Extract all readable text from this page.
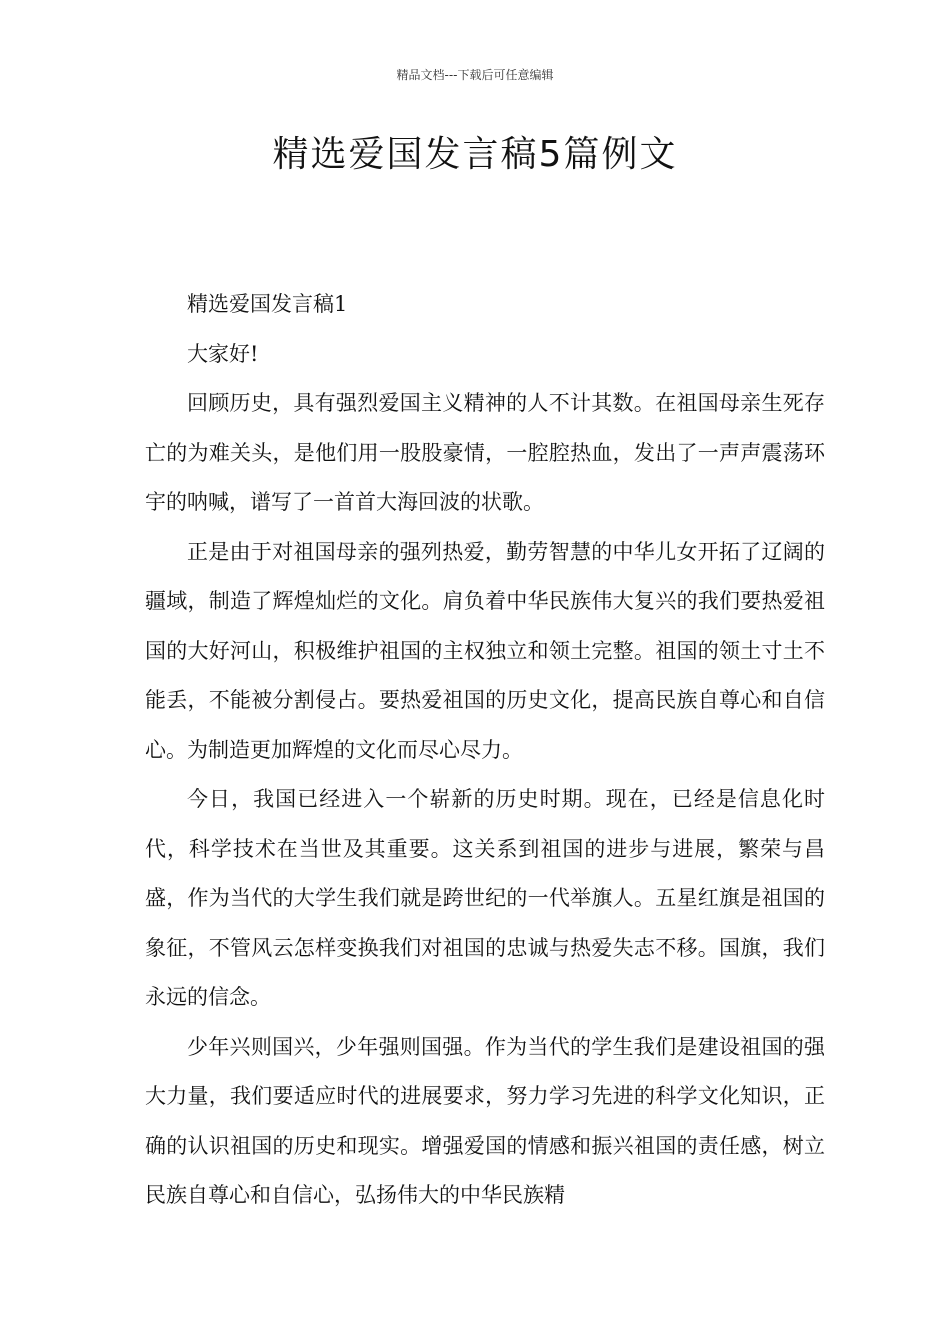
精品文档---下载后可任意编辑
精选爱国发言稿5篇例文

精选爱国发言稿1

大家好!

回顾历史，具有强烈爱国主义精神的人不计其数。在祖国母亲生死存亡的为难关头，是他们用一股股豪情，一腔腔热血，发出了一声声震荡环宇的呐喊，谱写了一首首大海回波的状歌。

正是由于对祖国母亲的强列热爱，勤劳智慧的中华儿女开拓了辽阔的疆域，制造了辉煌灿烂的文化。肩负着中华民族伟大复兴的我们要热爱祖国的大好河山，积极维护祖国的主权独立和领土完整。祖国的领土寸土不能丢，不能被分割侵占。要热爱祖国的历史文化，提高民族自尊心和自信心。为制造更加辉煌的文化而尽心尽力。

今日，我国已经进入一个崭新的历史时期。现在，已经是信息化时代，科学技术在当世及其重要。这关系到祖国的进步与进展，繁荣与昌盛，作为当代的大学生我们就是跨世纪的一代举旗人。五星红旗是祖国的象征，不管风云怎样变换我们对祖国的忠诚与热爱失志不移。国旗，我们永远的信念。

少年兴则国兴，少年强则国强。作为当代的学生我们是建设祖国的强大力量，我们要适应时代的进展要求，努力学习先进的科学文化知识，正确的认识祖国的历史和现实。增强爱国的情感和振兴祖国的责任感，树立民族自尊心和自信心，弘扬伟大的中华民族精
